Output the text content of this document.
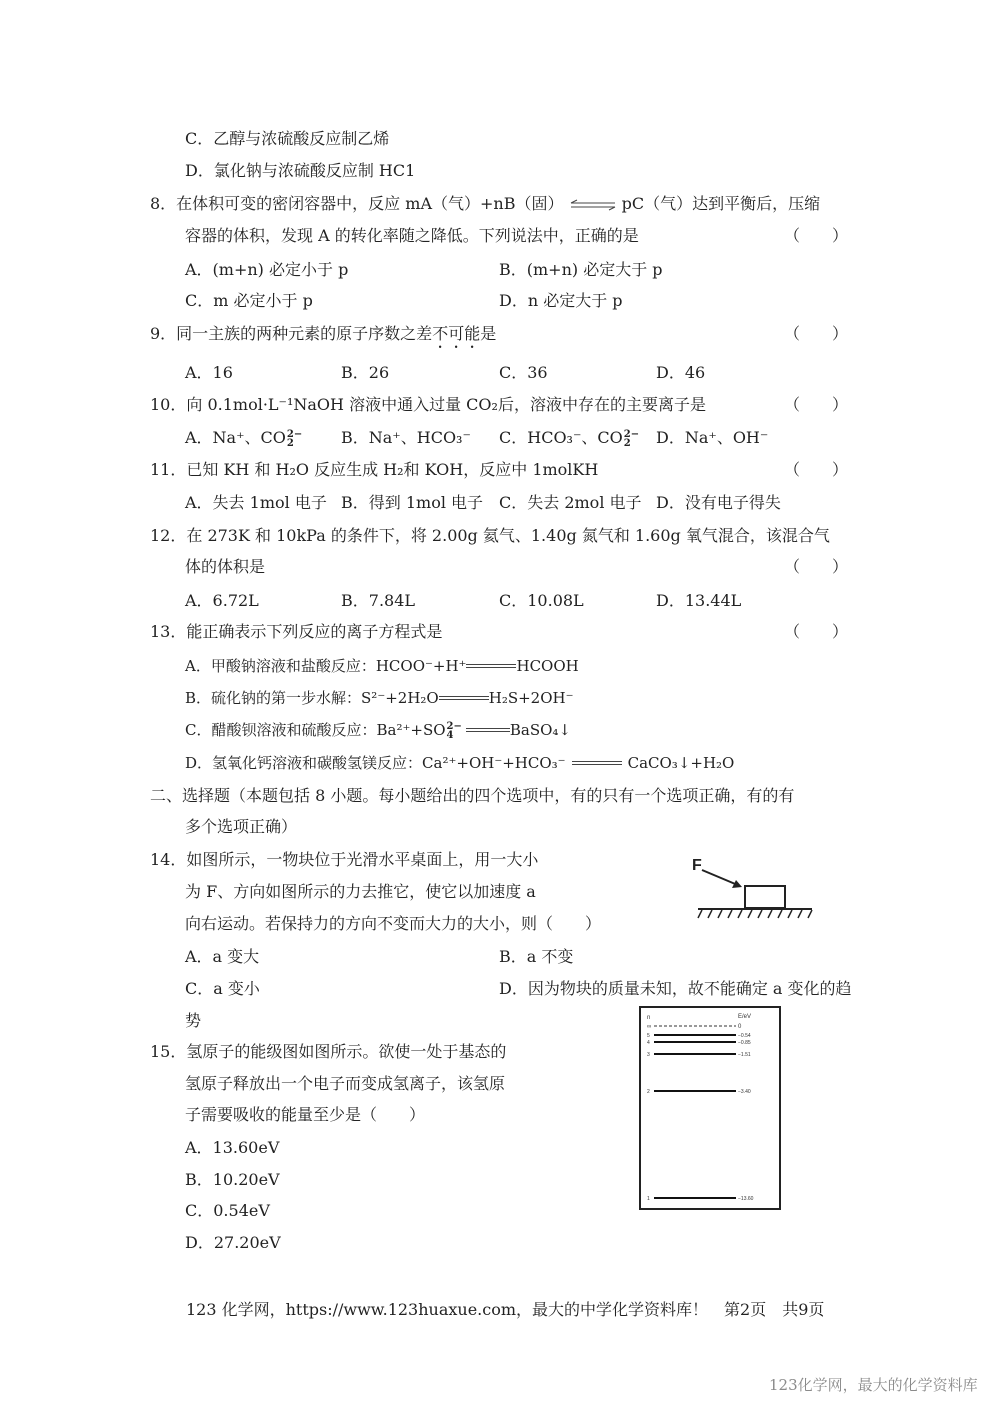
C．乙醇与浓硫酸反应制乙烯
D．氯化钠与浓硫酸反应制 HC1
8．在体积可变的密闭容器中，反应 mA（气）+nB（固） ⇌ pC（气）达到平衡后，压缩
容器的体积，发现 A 的转化率随之降低。下列说法中，正确的是	（　　）
A．(m+n) 必定小于 p	B．(m+n) 必定大于 p
C．m 必定小于 p	D．n 必定大于 p
9．同一主族的两种元素的原子序数之差不可能是	（　　）
A．16	B．26	C．36	D．46
10．向 0.1mol·L⁻¹NaOH 溶液中通入过量 CO₂后，溶液中存在的主要离子是	（　　）
A．Na⁺、CO 2−
2	B．Na⁺、HCO₃⁻ C．HCO₃⁻、CO 2−
2	D．Na⁺、OH⁻
11．已知 KH 和 H₂O 反应生成 H₂和 KOH，反应中 1molKH	（　　）
A．失去 1mol 电子 B．得到 1mol 电子 C．失去 2mol 电子 D．没有电子得失
12．在 273K 和 10kPa 的条件下，将 2.00g 氦气、1.40g 氮气和 1.60g 氧气混合，该混合气
体的体积是	（　　）
A．6.72L	B．7.84L	C．10.08L	D．13.44L
13．能正确表示下列反应的离子方程式是	（　　）
A．甲酸钠溶液和盐酸反应：HCOO⁻+H⁺	HCOOH
B．硫化钠的第一步水解：S²⁻+2H₂O	H₂S+2OH⁻
C．醋酸钡溶液和硫酸反应：Ba²⁺+SO 2−
4	BaSO₄↓
D．氢氧化钙溶液和碳酸氢镁反应：Ca²⁺+OH⁻+HCO₃⁻	CaCO₃↓+H₂O
二、选择题（本题包括 8 小题。每小题给出的四个选项中，有的只有一个选项正确，有的有
多个选项正确）
14．如图所示，一物块位于光滑水平桌面上，用一大小
为 F、方向如图所示的力去推它，使它以加速度 a
向右运动。若保持力的方向不变而大力的大小，则（　　）
A．a 变大	B．a 不变
C．a 变小	D．因为物块的质量未知，故不能确定 a 变化的趋
势
F
15．氢原子的能级图如图所示。欲使一处于基态的
氢原子释放出一个电子而变成氢离子，该氢原
子需要吸收的能量至少是（　　）
A．13.60eV
B．10.20eV
C．0.54eV
D．27.20eV
n	E/eV
∞	0
5	−0.54
4	−0.85
3	−1.51
2	−3.40
1	−13.60
123 化学网，https://www.123huaxue.com，最大的中学化学资料库！　第2页　共9页
123化学网，最大的化学资料库
